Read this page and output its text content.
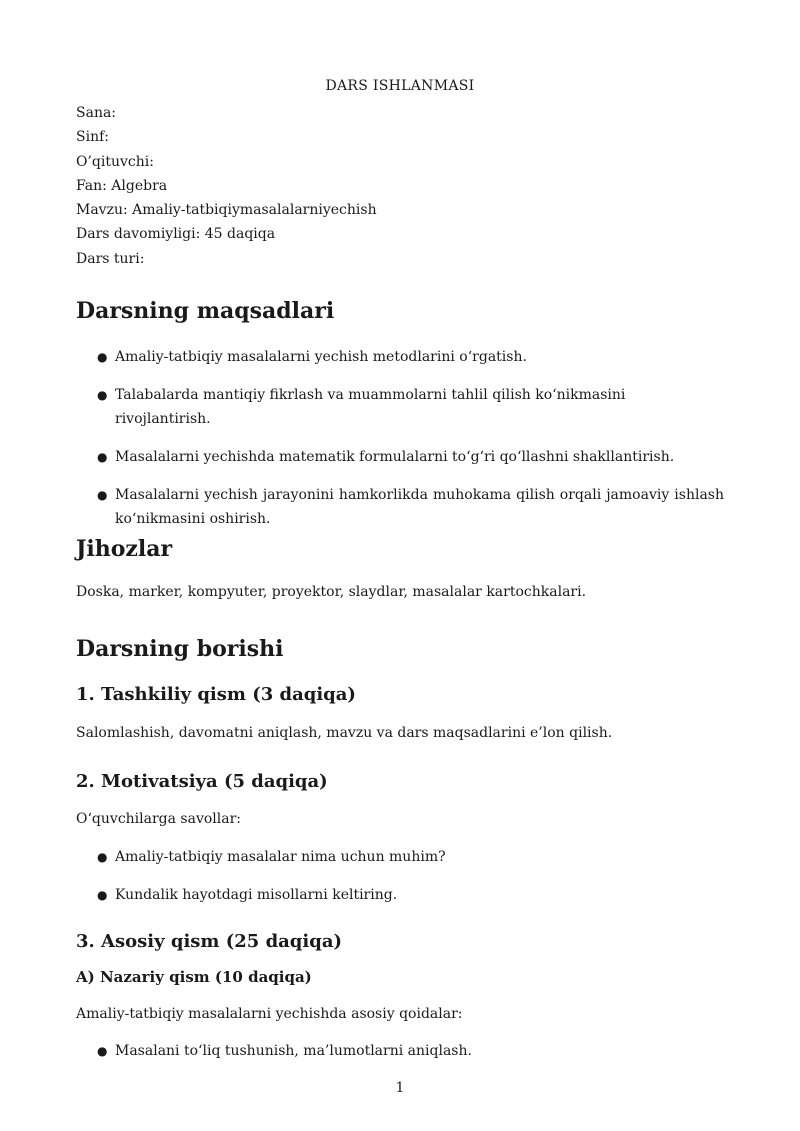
DARS ISHLANMASI
Sana:
Sinf:
O’qituvchi:
Fan: Algebra
Mavzu: Amaliy-tatbiqiymasalalarniyechish
Dars davomiyligi: 45 daqiqa
Dars turi:
Darsning maqsadlari
● Amaliy-tatbiqiy masalalarni yechish metodlarini o‘rgatish.
● Talabalarda mantiqiy fikrlash va muammolarni tahlil qilish ko‘nikmasini rivojlantirish.
● Masalalarni yechishda matematik formulalarni to‘g‘ri qo‘llashni shakllantirish.
● Masalalarni yechish jarayonini hamkorlikda muhokama qilish orqali jamoaviy ishlash ko‘nikmasini oshirish.
Jihozlar
Doska, marker, kompyuter, proyektor, slaydlar, masalalar kartochkalari.
Darsning borishi
1. Tashkiliy qism (3 daqiqa)
Salomlashish, davomatni aniqlash, mavzu va dars maqsadlarini e’lon qilish.
2. Motivatsiya (5 daqiqa)
O‘quvchilarga savollar:
● Amaliy-tatbiqiy masalalar nima uchun muhim?
● Kundalik hayotdagi misollarni keltiring.
3. Asosiy qism (25 daqiqa)
A) Nazariy qism (10 daqiqa)
Amaliy-tatbiqiy masalalarni yechishda asosiy qoidalar:
● Masalani to‘liq tushunish, ma’lumotlarni aniqlash.
1
